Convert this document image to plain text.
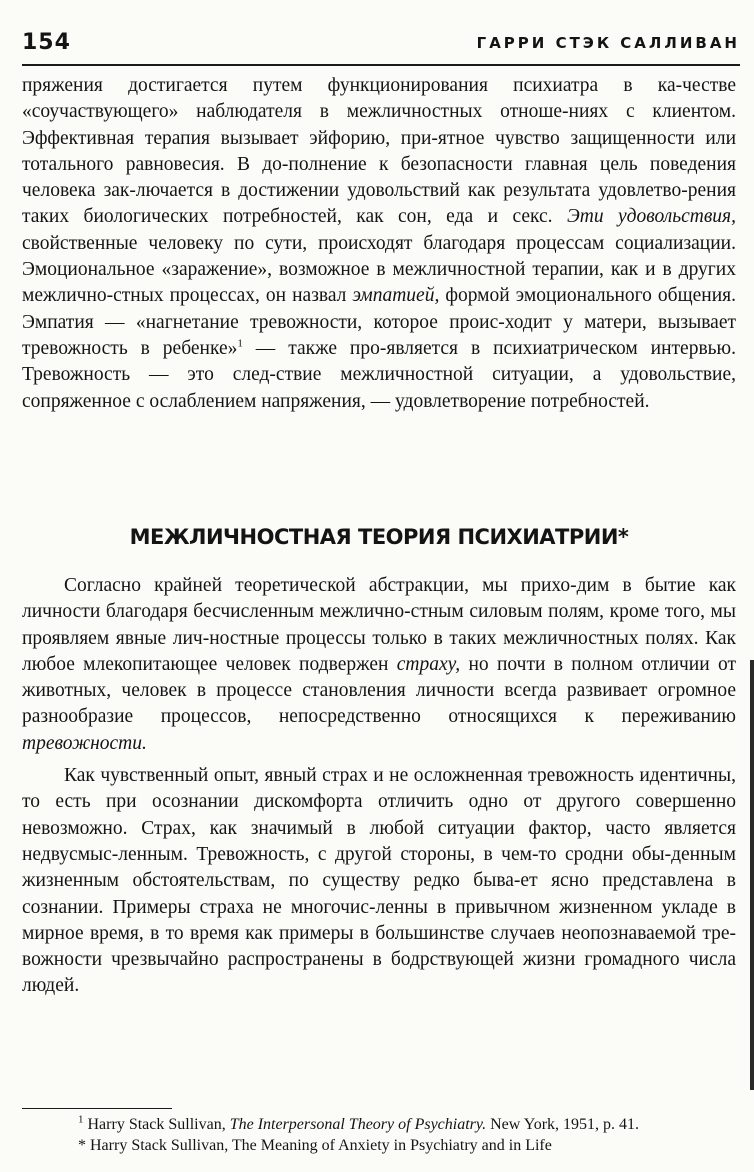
154	ГАРРИ СТЭК САЛЛИВАН

пряжения достигается путем функционирования психиатра в ка-честве «соучаствующего» наблюдателя в межличностных отноше-ниях с клиентом. Эффективная терапия вызывает эйфорию, при-ятное чувство защищенности или тотального равновесия. В до-полнение к безопасности главная цель поведения человека зак-лючается в достижении удовольствий как результата удовлетво-рения таких биологических потребностей, как сон, еда и секс. Эти удовольствия, свойственные человеку по сути, происходят благодаря процессам социализации. Эмоциональное «заражение», возможное в межличностной терапии, как и в других межлично-стных процессах, он назвал эмпатией, формой эмоционального общения. Эмпатия — «нагнетание тревожности, которое проис-ходит у матери, вызывает тревожность в ребенке»$^1$ — также про-является в психиатрическом интервью. Тревожность — это след-ствие межличностной ситуации, а удовольствие, сопряженное с ослаблением напряжения, — удовлетворение потребностей.

МЕЖЛИЧНОСТНАЯ ТЕОРИЯ ПСИХИАТРИИ*

Согласно крайней теоретической абстракции, мы прихо-дим в бытие как личности благодаря бесчисленным межлично-стным силовым полям, кроме того, мы проявляем явные лич-ностные процессы только в таких межличностных полях. Как любое млекопитающее человек подвержен страху, но почти в полном отличии от животных, человек в процессе становления личности всегда развивает огромное разнообразие процессов, непосредственно относящихся к переживанию тревожности.

Как чувственный опыт, явный страх и не осложненная тревожность идентичны, то есть при осознании дискомфорта отличить одно от другого совершенно невозможно. Страх, как значимый в любой ситуации фактор, часто является недвусмыс-ленным. Тревожность, с другой стороны, в чем-то сродни обы-денным жизненным обстоятельствам, по существу редко быва-ет ясно представлена в сознании. Примеры страха не многочис-ленны в привычном жизненном укладе в мирное время, в то время как примеры в большинстве случаев неопознаваемой тре-вожности чрезвычайно распространены в бодрствующей жизни громадного числа людей.

$^1$ Harry Stack Sullivan, The Interpersonal Theory of Psychiatry. New York, 1951, p. 41.

* Harry Stack Sullivan, The Meaning of Anxiety in Psychiatry and in Life
